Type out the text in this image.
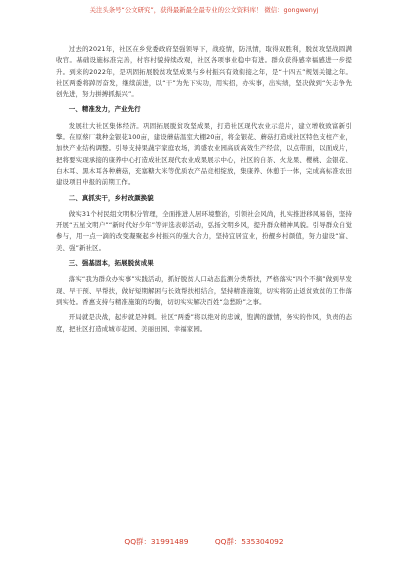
关注头条号“公文研究”，获得最新最全最专业的公文资料库！ 微信：gongwenyj

过去的2021年，社区在乡党委政府坚强领导下，战疫情，防汛情，取得双胜利，脱贫攻坚战圆满收官。基础设施标准完善，村容村貌持续改观，社区各项事业稳中有进。群众获得感幸福感进一步提升。到来的2022年，是巩固拓展脱贫攻坚成果与乡村振兴有效衔接之年，是“十四五”规划关键之年。社区两委将踔厉奋发，继续前进，以“干”为先下实功，用实招，办实事，出实绩，坚决做到“矢志争先创先进，努力拼搏抓振兴”。

一、精准发力，产业先行

发展壮大社区集体经济。巩固拓展脱贫攻坚成果，打造社区现代农业示范片，建立增收致富新引擎。在原蔡厂栽种金银花100亩，建设蘑菇温室大棚20亩，将金银花、蘑菇打造成社区特色支柱产业，加快产业结构调整。引导支持果蔬宇家庭农场，鸿盛农业园高质高效生产经营，以点带面，以面成片，把将要实现承接的康养中心打造成社区现代农业成果展示中心，社区的自茶、火龙果、樱桃、金银花、白木耳、黑木耳各种蘑菇，充塞糖大米等优质农产品竞相绽放，集康养、休憩于一体，完成高标准农田建设项目申报的前期工作。

二、真抓实干，乡村改颜换貌

做实31个村民组文明积分管理，全面推进人居环境整治，引领社会风尚，扎实推进移风易俗，坚持开展“五星文明户”“新时代好少年”等评选表彰活动，弘扬文明乡风，提升群众精神风貌。引导群众自觉参与，用一点一滴的改变凝聚起乡村振兴的强大合力，坚持宜居宜业，扮靓乡村颜值，努力建设“富、美、强”新社区。

三、强基固本，拓展脱贫成果

落实“我为群众办实事”实践活动，抓好脱贫人口动态监测分类帮扶，严格落实“四个不摘”做到早发现、早干预、早帮扶，做好短期解困与长效帮扶相结合，坚持精准施策，切实将防止返贫致贫的工作落到实处。香惠支持与精准施策的均衡，切切实实解决百姓“急愁盼”之事。

开局就是决战，起步就是冲刺。社区“两委”将以绝对的忠诚，饱满的激情，务实的作风，负责的态度，把社区打造成城市花园、美丽田园、幸福家园。

QQ群：31991489	QQ群：535304092
